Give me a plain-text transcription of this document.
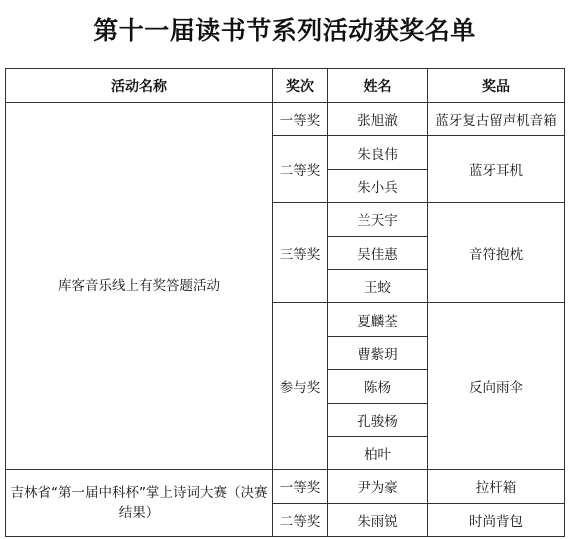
第十一届读书节系列活动获奖名单
活动名称	奖次	姓名	奖品
库客音乐线上有奖答题活动	一等奖	张旭澈	蓝牙复古留声机音箱
	二等奖	朱良伟	蓝牙耳机
		朱小兵	
	三等奖	兰天宇	音符抱枕
		吴佳惠	
		王蛟	
	参与奖	夏麟荃	反向雨伞
		曹紫玥	
		陈杨	
		孔骏杨	
		柏叶	
吉林省“第一届中科杯”掌上诗词大赛（决赛结果）	一等奖	尹为豪	拉杆箱
	二等奖	朱雨锐	时尚背包
